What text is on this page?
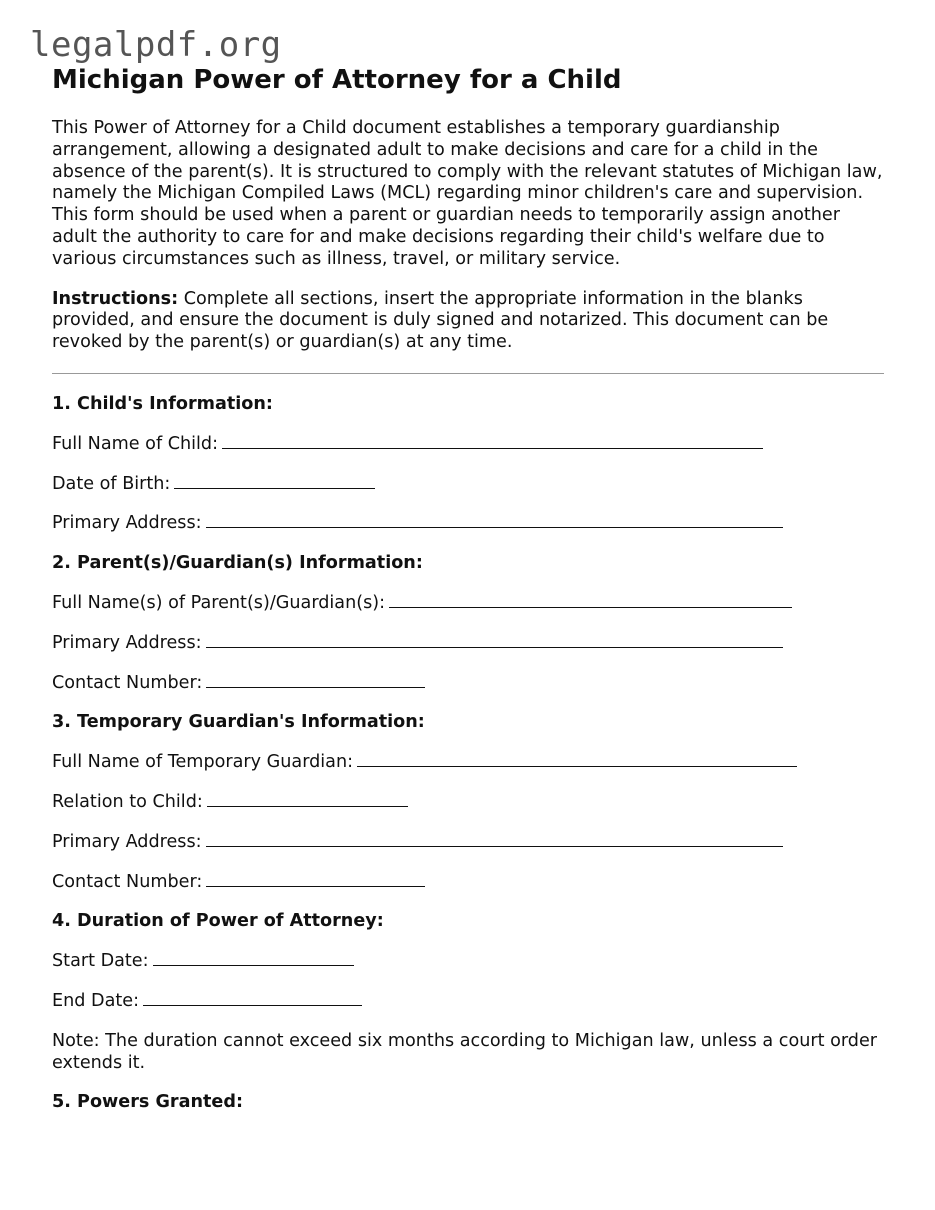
legalpdf.org
Michigan Power of Attorney for a Child

This Power of Attorney for a Child document establishes a temporary guardianship arrangement, allowing a designated adult to make decisions and care for a child in the absence of the parent(s). It is structured to comply with the relevant statutes of Michigan law, namely the Michigan Compiled Laws (MCL) regarding minor children's care and supervision. This form should be used when a parent or guardian needs to temporarily assign another adult the authority to care for and make decisions regarding their child's welfare due to various circumstances such as illness, travel, or military service.

Instructions: Complete all sections, insert the appropriate information in the blanks provided, and ensure the document is duly signed and notarized. This document can be revoked by the parent(s) or guardian(s) at any time.

1. Child's Information:

Full Name of Child:

Date of Birth:

Primary Address:

2. Parent(s)/Guardian(s) Information:

Full Name(s) of Parent(s)/Guardian(s):

Primary Address:

Contact Number:

3. Temporary Guardian's Information:

Full Name of Temporary Guardian:

Relation to Child:

Primary Address:

Contact Number:

4. Duration of Power of Attorney:

Start Date:

End Date:

Note: The duration cannot exceed six months according to Michigan law, unless a court order extends it.

5. Powers Granted:
